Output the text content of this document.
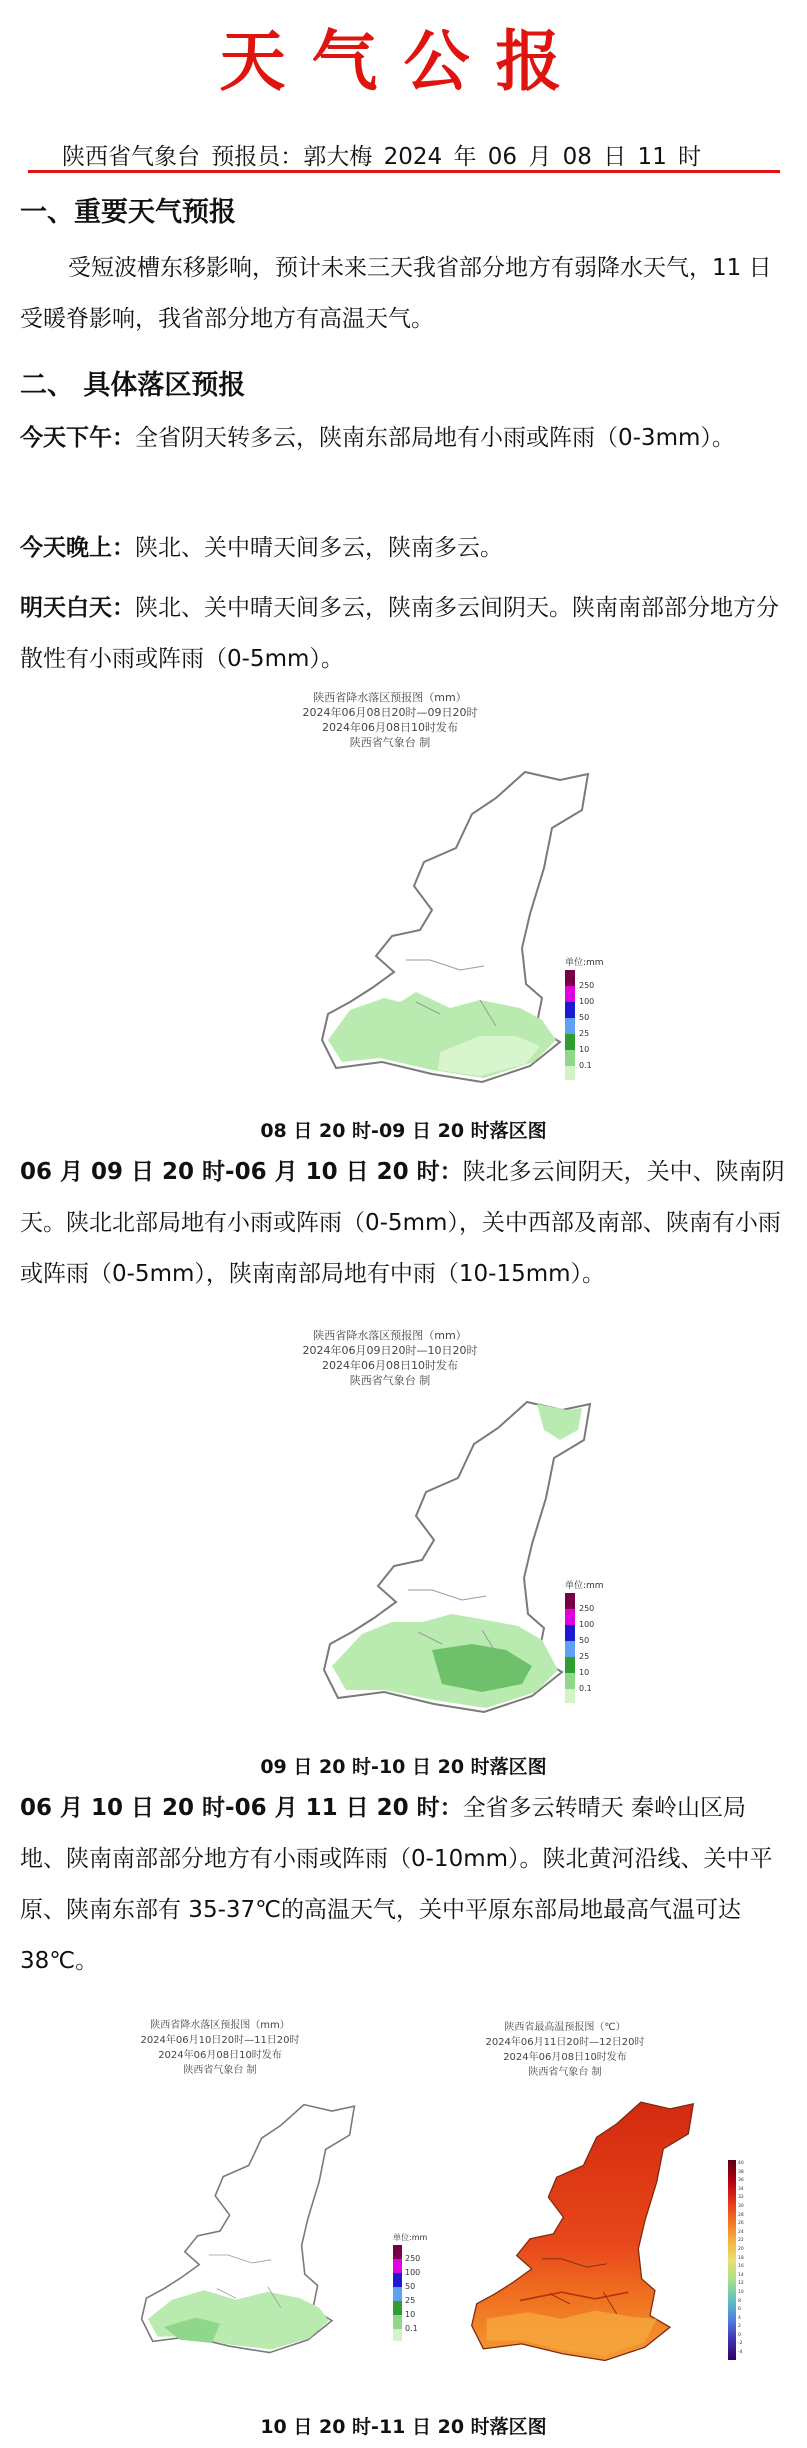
天气公报
陕西省气象台 预报员：郭大梅 2024 年 06 月 08 日 11 时
一、重要天气预报
受短波槽东移影响，预计未来三天我省部分地方有弱降水天气，11 日受暖脊影响，我省部分地方有高温天气。
二、 具体落区预报
今天下午：全省阴天转多云，陕南东部局地有小雨或阵雨（0-3mm）。
今天晚上：陕北、关中晴天间多云，陕南多云。
明天白天：陕北、关中晴天间多云，陕南多云间阴天。陕南南部部分地方分散性有小雨或阵雨（0-5mm）。
陕西省降水落区预报图（mm）
2024年06月08日20时—09日20时
2024年06月08日10时发布
陕西省气象台 制
单位:mm
250
100
50
25
10
0.1
08 日 20 时-09 日 20 时落区图
06 月 09 日 20 时-06 月 10 日 20 时：陕北多云间阴天，关中、陕南阴天。陕北北部局地有小雨或阵雨（0-5mm），关中西部及南部、陕南有小雨或阵雨（0-5mm），陕南南部局地有中雨（10-15mm）。
陕西省降水落区预报图（mm）
2024年06月09日20时—10日20时
2024年06月08日10时发布
陕西省气象台 制
单位:mm
250
100
50
25
10
0.1
09 日 20 时-10 日 20 时落区图
06 月 10 日 20 时-06 月 11 日 20 时：全省多云转晴天 秦岭山区局地、陕南南部部分地方有小雨或阵雨（0-10mm）。陕北黄河沿线、关中平原、陕南东部有 35-37℃的高温天气，关中平原东部局地最高气温可达 38℃。
陕西省降水落区预报图（mm）
2024年06月10日20时—11日20时
2024年06月08日10时发布
陕西省气象台 制
单位:mm
250
100
50
25
10
0.1
陕西省最高温预报图（℃）
2024年06月11日20时—12日20时
2024年06月08日10时发布
陕西省气象台 制
40
38
36
34
32
30
28
26
24
22
20
18
16
14
12
10
8
6
4
2
0
-2
-4
10 日 20 时-11 日 20 时落区图
